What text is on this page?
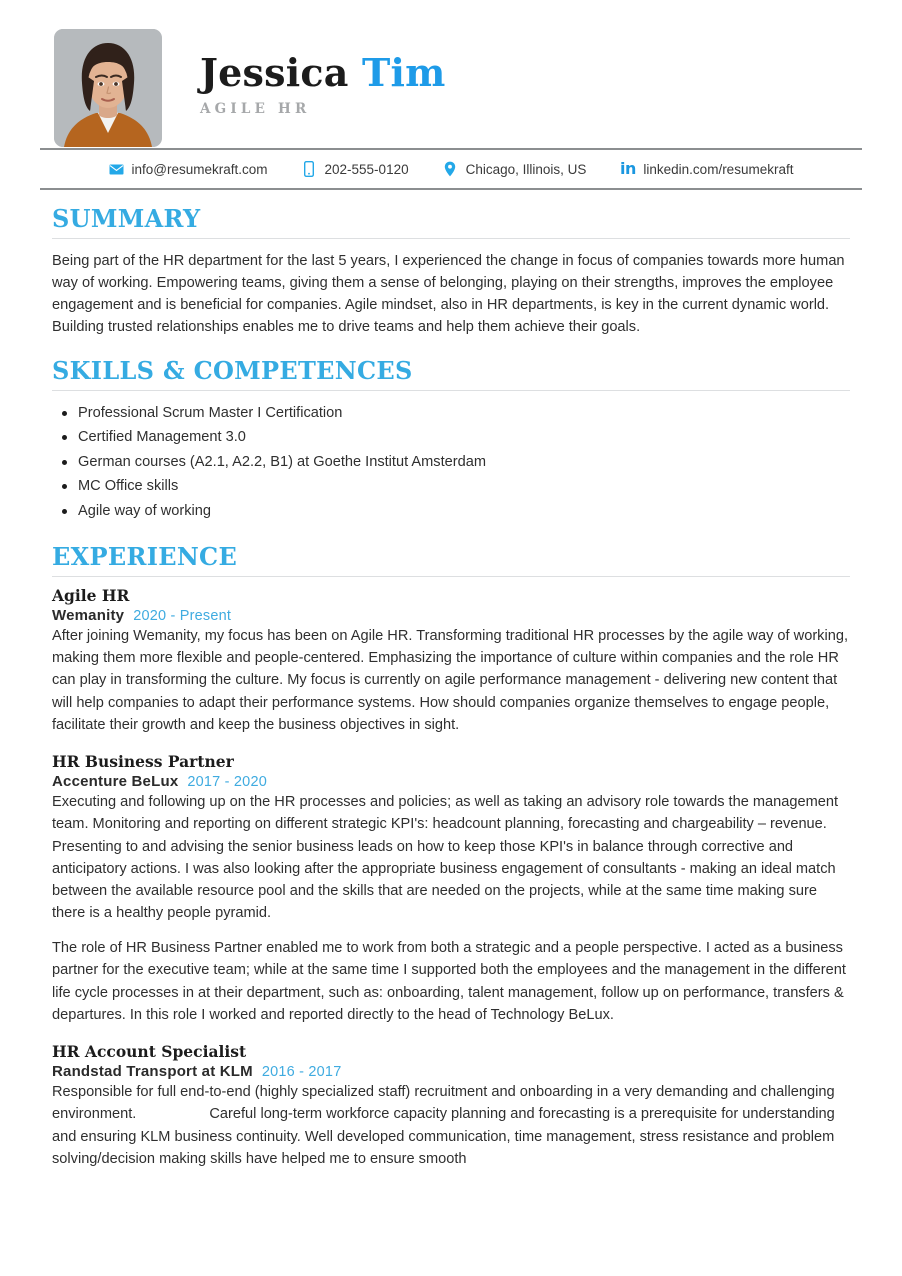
Jessica Tim
AGILE HR
info@resumekraft.com	202-555-0120	Chicago, Illinois, US in linkedin.com/resumekraft
SUMMARY

Being part of the HR department for the last 5 years, I experienced the change in focus of companies towards more human way of working. Empowering teams, giving them a sense of belonging, playing on their strengths, improves the employee engagement and is beneficial for companies. Agile mindset, also in HR departments, is key in the current dynamic world. Building trusted relationships enables me to drive teams and help them achieve their goals.

SKILLS & COMPETENCES
Professional Scrum Master I Certification
Certified Management 3.0
German courses (A2.1, A2.2, B1) at Goethe Institut Amsterdam
MC Office skills
Agile way of working
EXPERIENCE
Agile HR
Wemanity 2020 - Present

After joining Wemanity, my focus has been on Agile HR. Transforming traditional HR processes by the agile way of working, making them more flexible and people-centered. Emphasizing the importance of culture within companies and the role HR can play in transforming the culture. My focus is currently on agile performance management - delivering new content that will help companies to adapt their performance systems. How should companies organize themselves to engage people, facilitate their growth and keep the business objectives in sight.

HR Business Partner
Accenture BeLux 2017 - 2020

Executing and following up on the HR processes and policies; as well as taking an advisory role towards the management team. Monitoring and reporting on different strategic KPI's: headcount planning, forecasting and chargeability – revenue. Presenting to and advising the senior business leads on how to keep those KPI's in balance through corrective and anticipatory actions. I was also looking after the appropriate business engagement of consultants - making an ideal match between the available resource pool and the skills that are needed on the projects, while at the same time making sure there is a healthy people pyramid.

The role of HR Business Partner enabled me to work from both a strategic and a people perspective. I acted as a business partner for the executive team; while at the same time I supported both the employees and the management in the different life cycle processes in at their department, such as: onboarding, talent management, follow up on performance, transfers & departures. In this role I worked and reported directly to the head of Technology BeLux.

HR Account Specialist
Randstad Transport at KLM 2016 - 2017

Responsible for full end-to-end (highly specialized staff) recruitment and onboarding in a very demanding and challenging environment.                  Careful long-term workforce capacity planning and forecasting is a prerequisite for understanding and ensuring KLM business continuity. Well developed communication, time management, stress resistance and problem solving/decision making skills have helped me to ensure smooth
